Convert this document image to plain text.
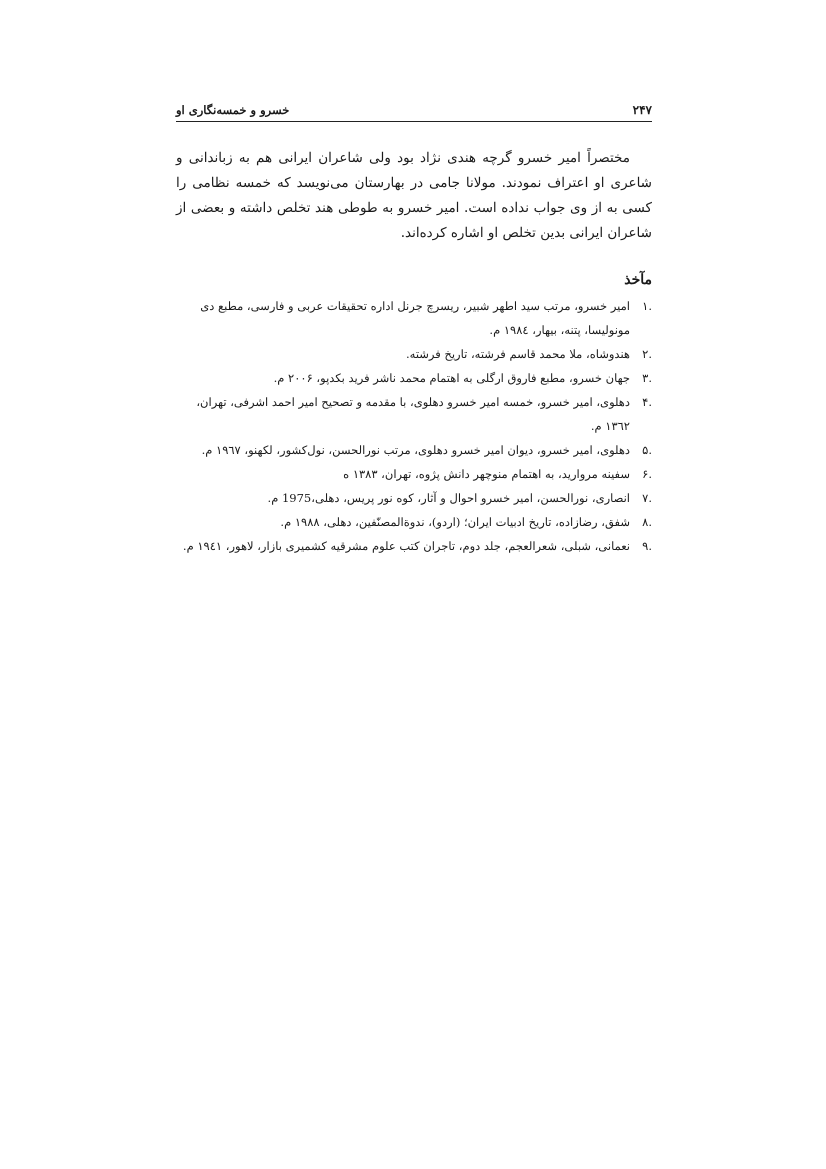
۲۴۷
خسرو و خمسه‌نگاری او

مختصراً امیر خسرو گرچه هندی نژاد بود ولی شاعران ایرانی هم به زباندانی و شاعری او اعتراف نمودند. مولانا جامی در بهارستان می‌نویسد که خمسه نظامی را کسی به از وی جواب نداده است. امیر خسرو به طوطی هند تخلص داشته و بعضی از شاعران ایرانی بدین تخلص او اشاره کرده‌اند.

مآخذ
.۱
امیر خسرو، مرتب سید اطهر شبیر، ریسرچ جرنل اداره تحقیقات عربی و فارسی، مطبع دی مونولیسا، پتنه، بیهار، ۱۹۸٤ م.
.۲
هندوشاه، ملا محمد قاسم فرشته، تاریخ فرشته.
.۳
جهان خسرو، مطبع فاروق ارگلی به اهتمام محمد ناشر فرید بکدپو، ۲۰۰۶ م.
.۴
دهلوی، امیر خسرو، خمسه امیر خسرو دهلوی، با مقدمه و تصحیح امیر احمد اشرفی، تهران، ۱۳٦۲ م.
.۵
دهلوی، امیر خسرو، دیوان امیر خسرو دهلوی، مرتب نورالحسن، نول‌کشور، لکهنو، ۱۹٦۷ م.
.۶
سفینه مروارید، به اهتمام منوچهر دانش پژوه، تهران، ۱۳۸۳ ه
.۷
انصاری، نورالحسن، امیر خسرو احوال و آثار، کوه نور پریس، دهلی،1975 م.
.۸
شفق، رضازاده، تاریخ ادبیات ایران؛ (اردو)، ندوةالمصنّفین، دهلی، ۱۹۸۸ م.
.۹
نعمانی، شبلی، شعرالعجم، جلد دوم، تاجران کتب علوم مشرقیه کشمیری بازار، لاهور، ۱۹٤۱ م.
